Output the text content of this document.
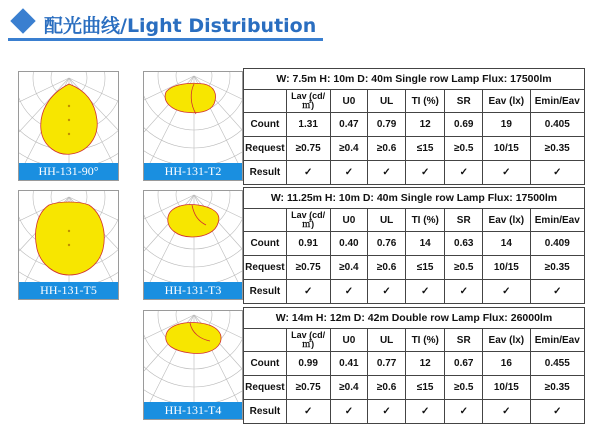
配光曲线/Light Distribution
HH-131-90°
HH-131-T5
HH-131-T2
HH-131-T3
HH-131-T4
W: 7.5m H: 10m D: 40m Single row Lamp Flux: 17500lm							

	Lav (cd/㎡)	U0	UL	TI (%)	SR	Eav (lx)	Emin/Eav
Count	1.31	0.47	0.79	12	0.69	19	0.405
Request	≥0.75	≥0.4	≥0.6	≤15	≥0.5	10/15	≥0.35
Result	✓	✓	✓	✓	✓	✓	✓
W: 11.25m H: 10m D: 40m Single row Lamp Flux: 17500lm							

	Lav (cd/㎡)	U0	UL	TI (%)	SR	Eav (lx)	Emin/Eav
Count	0.91	0.40	0.76	14	0.63	14	0.409
Request	≥0.75	≥0.4	≥0.6	≤15	≥0.5	10/15	≥0.35
Result	✓	✓	✓	✓	✓	✓	✓
W: 14m H: 12m D: 42m Double row Lamp Flux: 26000lm							

	Lav (cd/㎡)	U0	UL	TI (%)	SR	Eav (lx)	Emin/Eav
Count	0.99	0.41	0.77	12	0.67	16	0.455
Request	≥0.75	≥0.4	≥0.6	≤15	≥0.5	10/15	≥0.35
Result	✓	✓	✓	✓	✓	✓	✓
